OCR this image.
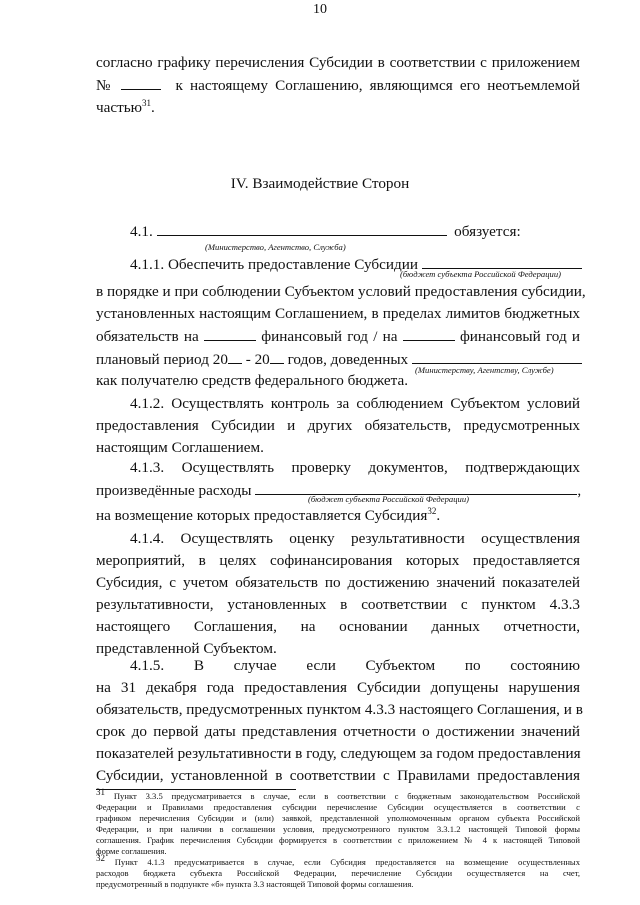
10
согласно графику перечисления Субсидии в соответствии с приложением
№	к настоящему Соглашению, являющимся его неотъемлемой
частью$^{31}$.
IV. Взаимодействие Сторон
4.1.	обязуется:
(Министерство, Агентство, Служба)
4.1.1. Обеспечить предоставление Субсидии
(бюджет субъекта Российской Федерации)
в порядке и при соблюдении Субъектом условий предоставления субсидии,
установленных настоящим Соглашением, в пределах лимитов бюджетных
обязательств на	финансовый год / на	финансовый год и
плановый период 20 - 20 годов, доведенных
(Министерству, Агентству, Службе)
как получателю средств федерального бюджета.
4.1.2. Осуществлять контроль за соблюдением Субъектом условий
предоставления Субсидии и других обязательств, предусмотренных
настоящим Соглашением.
4.1.3. Осуществлять проверку документов, подтверждающих
произведённые расходы	,
(бюджет субъекта Российской Федерации)
на возмещение которых предоставляется Субсидия$^{32}$.
4.1.4. Осуществлять оценку результативности осуществления
мероприятий, в целях софинансирования которых предоставляется
Субсидия, с учетом обязательств по достижению значений показателей
результативности, установленных в соответствии с пунктом 4.3.3
настоящего Соглашения, на основании данных отчетности,
представленной Субъектом.
4.1.5. В случае если Субъектом по состоянию
на 31 декабря года предоставления Субсидии допущены нарушения
обязательств, предусмотренных пунктом 4.3.3 настоящего Соглашения, и в
срок до первой даты представления отчетности о достижении значений
показателей результативности в году, следующем за годом предоставления
Субсидии, установленной в соответствии с Правилами предоставления
31 Пункт 3.3.5 предусматривается в случае, если в соответствии с бюджетным законодательством Российской
Федерации и Правилами предоставления субсидии перечисление Субсидии осуществляется в соответствии с
графиком перечисления Субсидии и (или) заявкой, представленной уполномоченным органом субъекта Российской
Федерации, и при наличии в соглашении условия, предусмотренного пунктом 3.3.1.2 настоящей Типовой формы
соглашения. График перечисления Субсидии формируется в соответствии с приложением № 4 к настоящей Типовой
форме соглашения.
32 Пункт 4.1.3 предусматривается в случае, если Субсидия предоставляется на возмещение осуществленных
расходов бюджета субъекта Российской Федерации, перечисление Субсидии осуществляется на счет,
предусмотренный в подпункте «б» пункта 3.3 настоящей Типовой формы соглашения.
